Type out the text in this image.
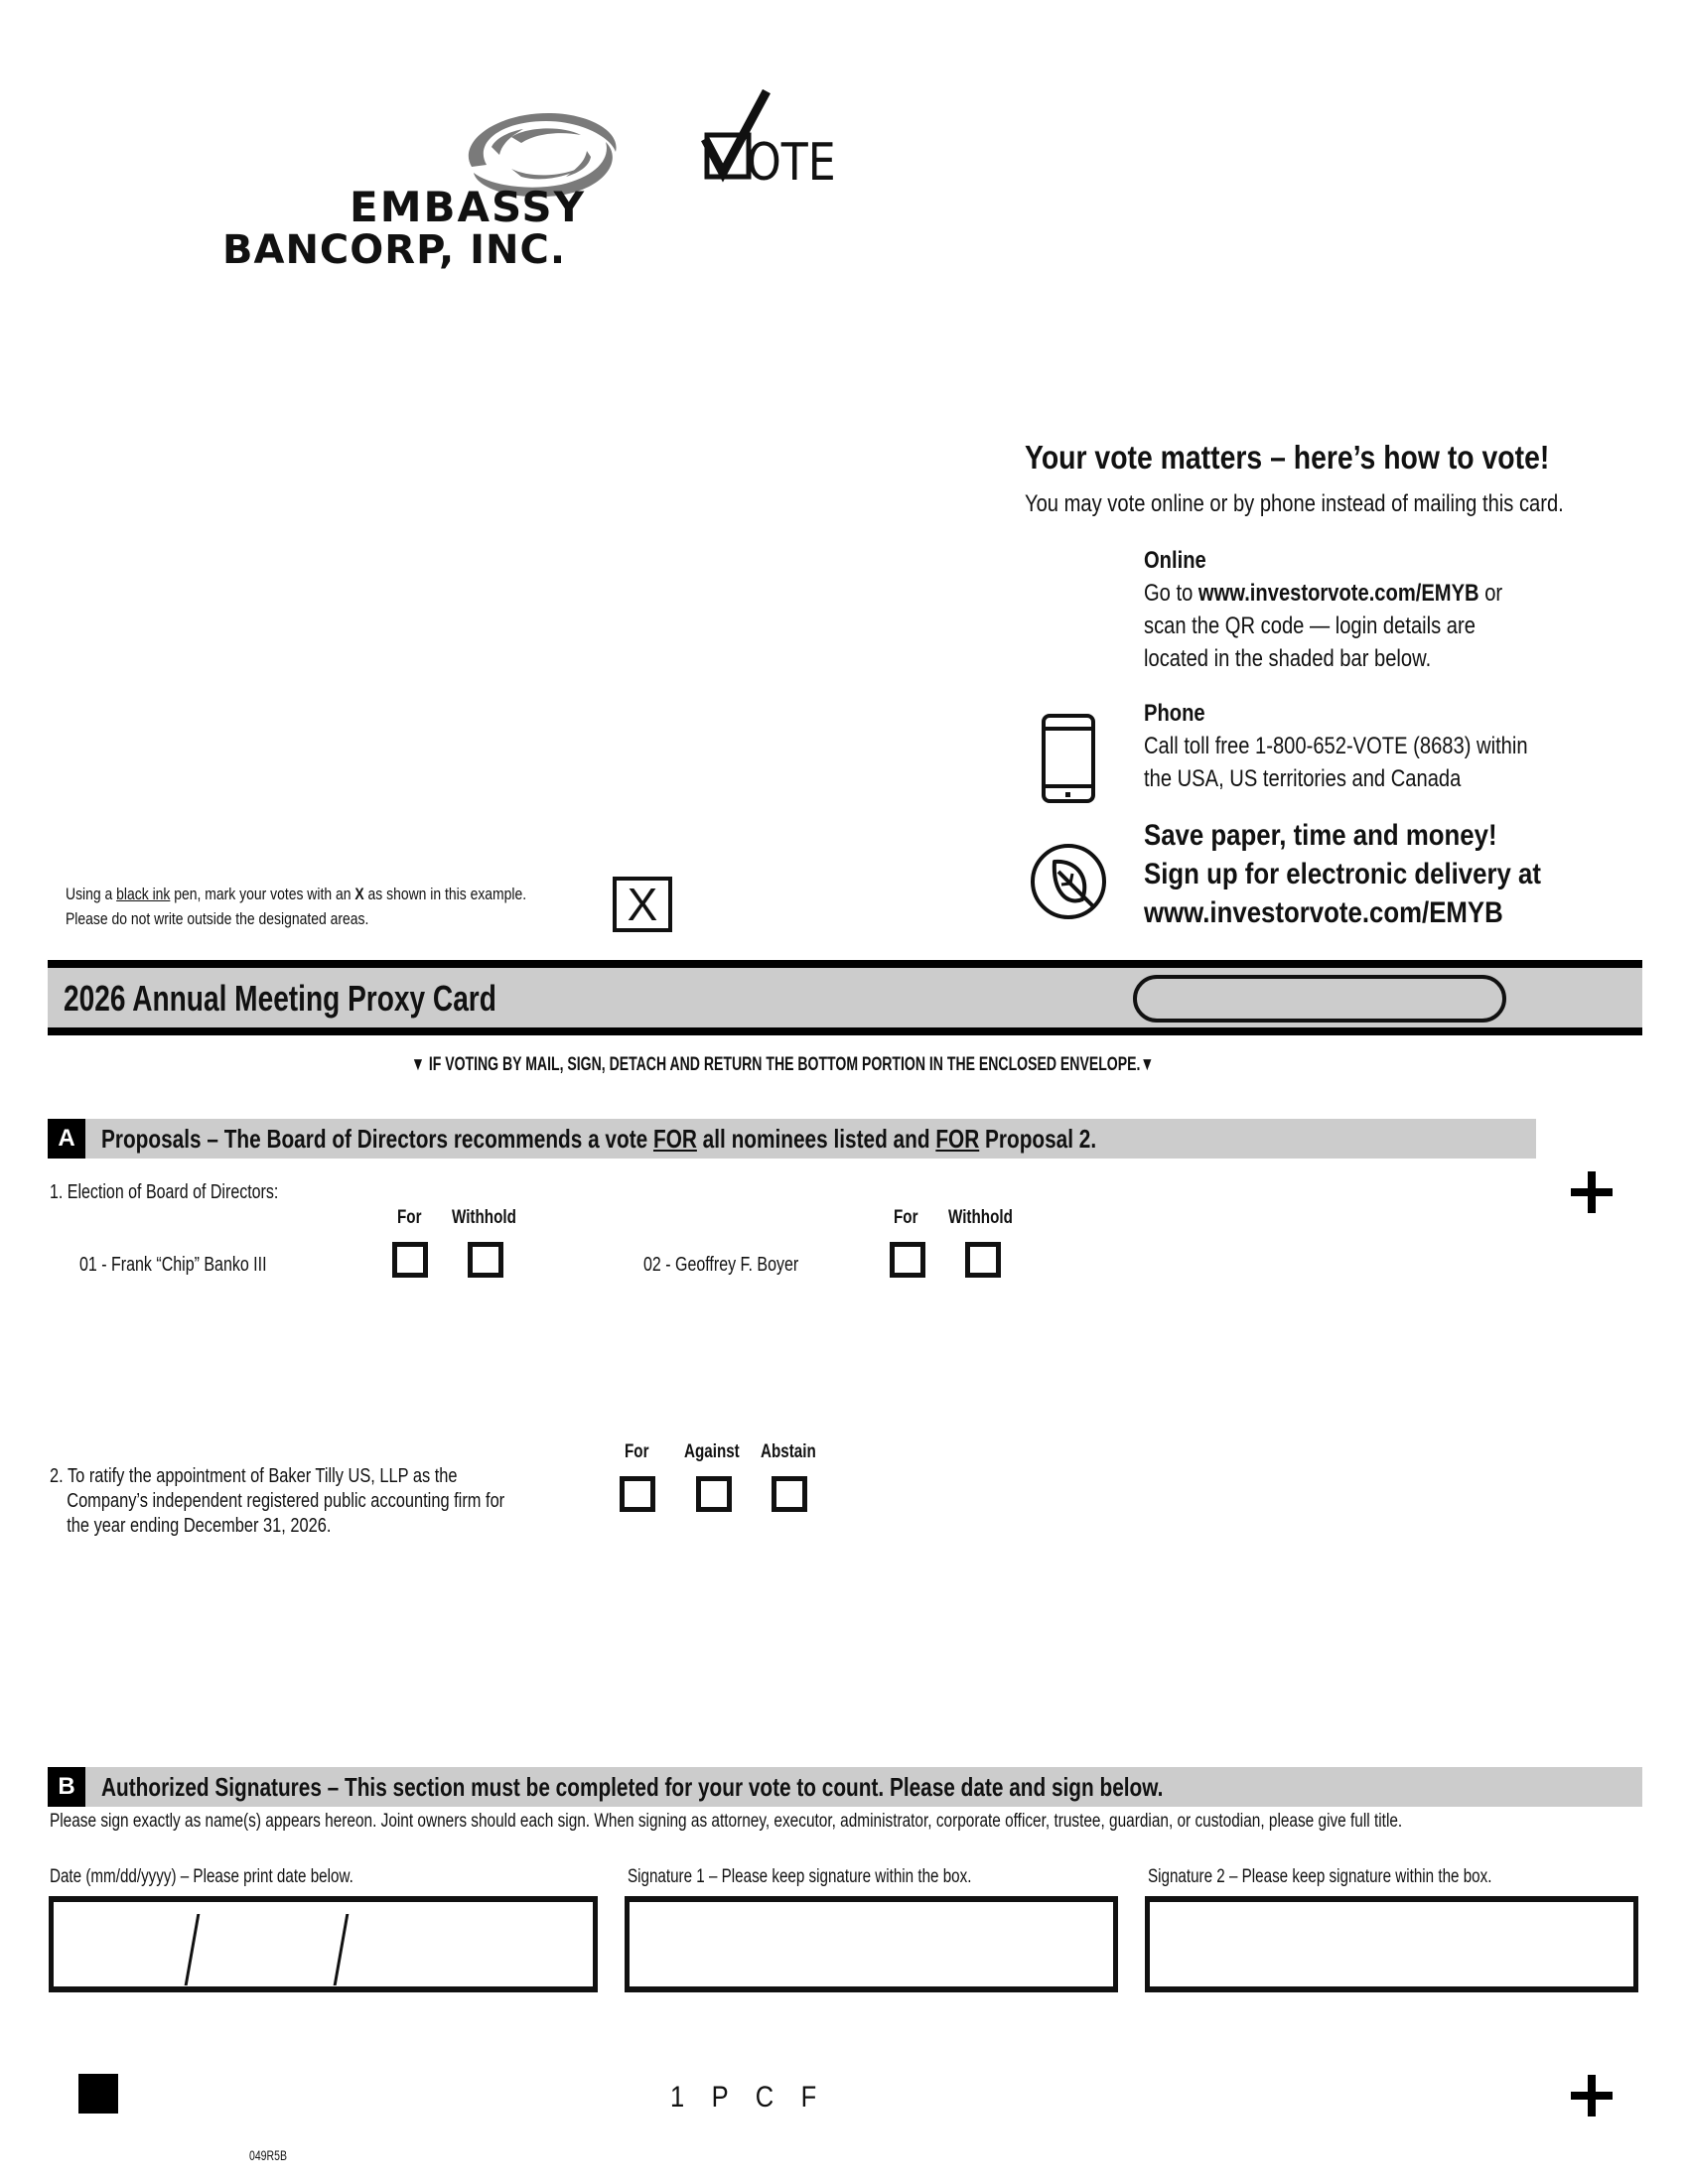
EMBASSY
BANCORP, INC.
OTE
Your vote matters – here’s how to vote!
You may vote online or by phone instead of mailing this card.
Online
Go to www.investorvote.com/EMYB or
scan the QR code — login details are
located in the shaded bar below.
Phone
Call toll free 1-800-652-VOTE (8683) within
the USA, US territories and Canada
Save paper, time and money!
Sign up for electronic delivery at
www.investorvote.com/EMYB
Using a black ink pen, mark your votes with an X as shown in this example.
Please do not write outside the designated areas.	X
2026 Annual Meeting Proxy Card
▼ IF VOTING BY MAIL, SIGN, DETACH AND RETURN THE BOTTOM PORTION IN THE ENCLOSED ENVELOPE.▼
A	Proposals – The Board of Directors recommends a vote FOR all nominees listed and FOR Proposal 2.
1. Election of Board of Directors:
For Withhold
01 - Frank “Chip” Banko III
For Withhold
02 - Geoffrey F. Boyer
2. To ratify the appointment of Baker Tilly US, LLP as the
Company’s independent registered public accounting firm for
the year ending December 31, 2026.
For Against Abstain
B	Authorized Signatures – This section must be completed for your vote to count. Please date and sign below.
Please sign exactly as name(s) appears hereon. Joint owners should each sign. When signing as attorney, executor, administrator, corporate officer, trustee, guardian, or custodian, please give full title.
Date (mm/dd/yyyy) – Please print date below.	Signature 1 – Please keep signature within the box.	Signature 2 – Please keep signature within the box.
1 P C F
049R5B
